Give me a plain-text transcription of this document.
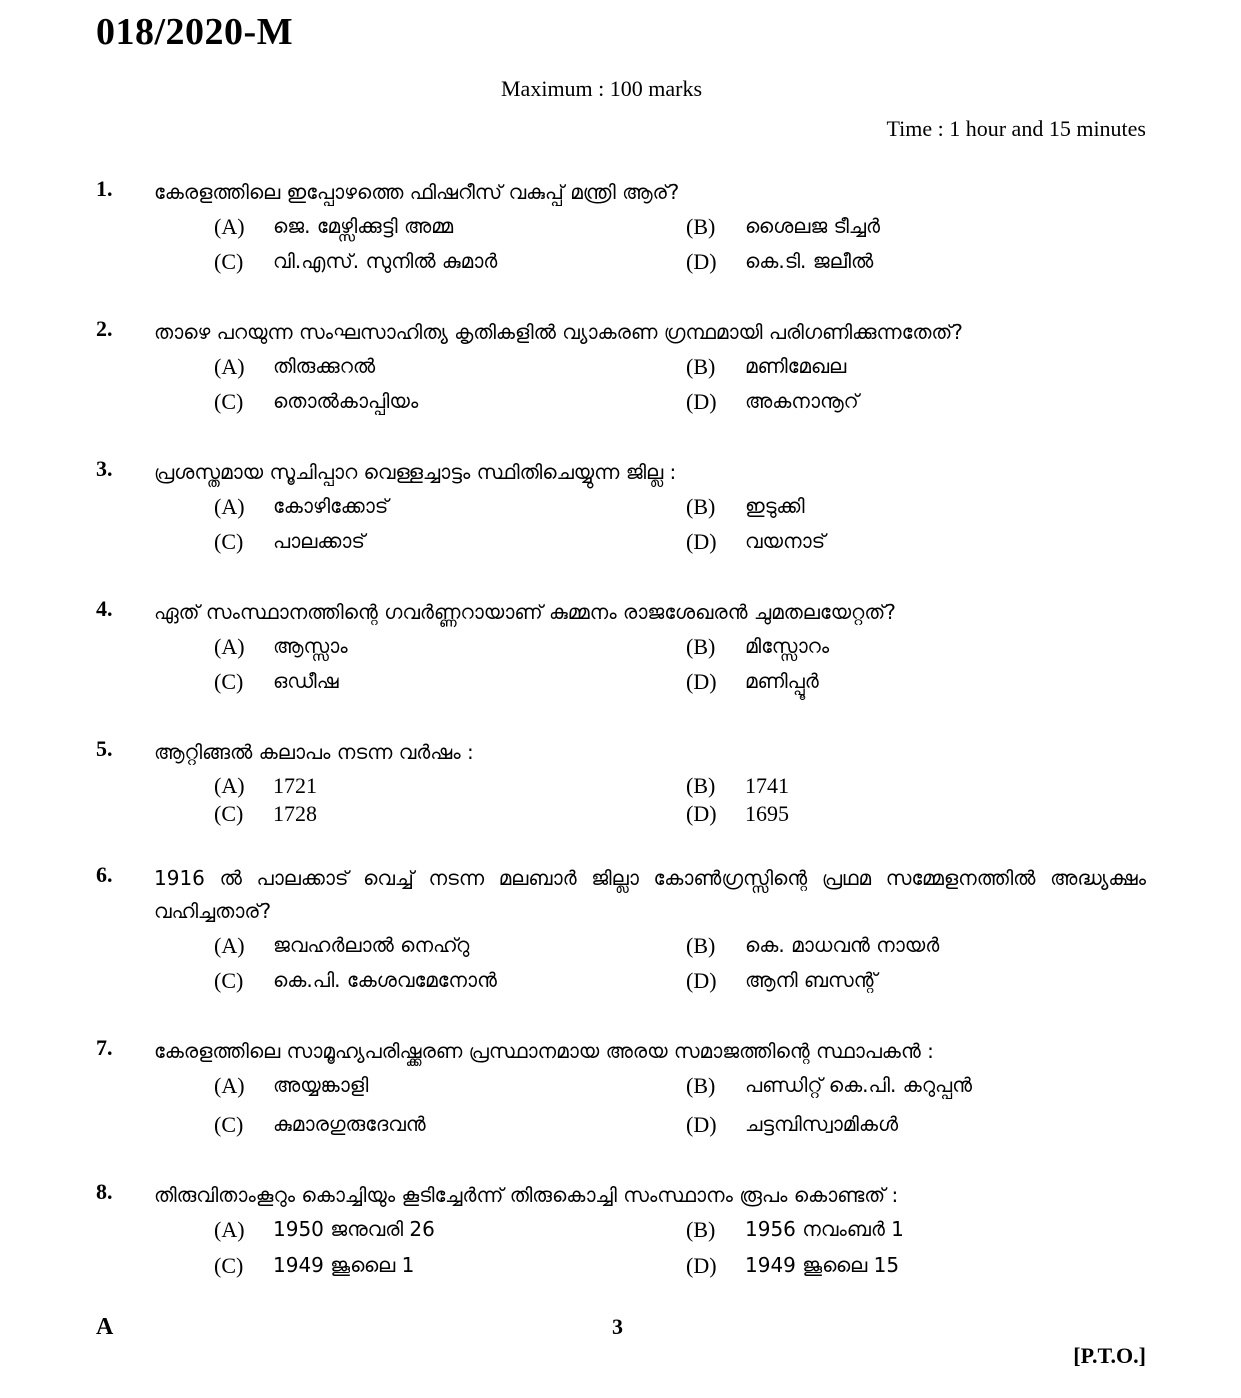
018/2020-M
Maximum : 100 marks
Time : 1 hour and 15 minutes
1. കേരളത്തിലെ ഇപ്പോഴത്തെ ഫിഷറീസ് വകുപ്പ് മന്ത്രി ആര്?
(A) ജെ. മേഴ്സിക്കുട്ടി അമ്മ	(B) ശൈലജ ടീച്ചർ
(C) വി.എസ്. സുനിൽ കുമാർ	(D) കെ.ടി. ജലീൽ
2. താഴെ പറയുന്ന സംഘസാഹിത്യ കൃതികളിൽ വ്യാകരണ ഗ്രന്ഥമായി പരിഗണിക്കുന്നതേത്?
(A) തിരുക്കുറൽ	(B) മണിമേഖല
(C) തൊൽകാപ്പിയം	(D) അകനാനൂറ്
3. പ്രശസ്തമായ സൂചിപ്പാറ വെള്ളച്ചാട്ടം സ്ഥിതിചെയ്യുന്ന ജില്ല :
(A) കോഴിക്കോട്	(B) ഇടുക്കി
(C) പാലക്കാട്	(D) വയനാട്
4. ഏത് സംസ്ഥാനത്തിന്റെ ഗവർണ്ണറായാണ് കുമ്മനം രാജശേഖരൻ ചുമതലയേറ്റത്?
(A) ആസ്സാം	(B) മിസ്സോറം
(C) ഒഡീഷ	(D) മണിപ്പൂർ
5. ആറ്റിങ്ങൽ കലാപം നടന്ന വർഷം :
(A) 1721	(B) 1741
(C) 1728	(D) 1695
6. 1916 ൽ പാലക്കാട് വെച്ച് നടന്ന മലബാർ ജില്ലാ കോൺഗ്രസ്സിന്റെ പ്രഥമ സമ്മേളനത്തിൽ അദ്ധ്യക്ഷം വഹിച്ചതാര്?
(A) ജവഹർലാൽ നെഹ്റു	(B) കെ. മാധവൻ നായർ
(C) കെ.പി. കേശവമേനോൻ	(D) ആനി ബസന്റ്
7. കേരളത്തിലെ സാമൂഹ്യപരിഷ്ക്കരണ പ്രസ്ഥാനമായ അരയ സമാജത്തിന്റെ സ്ഥാപകൻ :
(A) അയ്യങ്കാളി	(B) പണ്ഡിറ്റ് കെ.പി. കറുപ്പൻ
(C) കുമാരഗുരുദേവൻ	(D) ചട്ടമ്പിസ്വാമികൾ
8. തിരുവിതാംകൂറും കൊച്ചിയും കൂടിച്ചേർന്ന് തിരുകൊച്ചി സംസ്ഥാനം രൂപം കൊണ്ടത് :
(A) 1950 ജനുവരി 26	(B) 1956 നവംബർ 1
(C) 1949 ജൂലൈ 1	(D) 1949 ജൂലൈ 15
A	3
[P.T.O.]
